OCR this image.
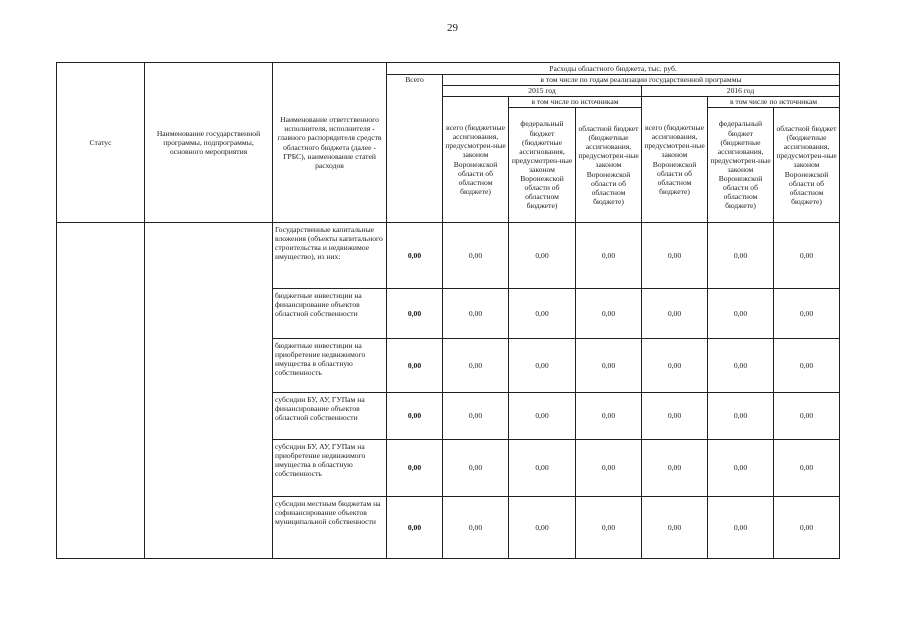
29
Статус	Наименование государственной программы, подпрограммы, основного мероприятия	Наименование ответственного исполнителя, исполнителя - главного распорядителя средств областного бюджета (далее - ГРБС), наименование статей расходов	Расходы областного бюджета, тыс. руб.						
			Всего	в том числе по годам реализации государственной программы					
				2015 год			2016 год		
				всего (бюджетные ассигнования, предусмотрен-ные законом Воронежской области об областном бюджете)	в том числе по источникам		всего (бюджетные ассигнования, предусмотрен-ные законом Воронежской области об областном бюджете)	в том числе по источникам	
					федеральный бюджет (бюджетные ассигнования, предусмотрен-ные законом Воронежской области об областном бюджете)	областной бюджет (бюджетные ассигнования, предусмотрен-ные законом Воронежской области об областном бюджете)		федеральный бюджет (бюджетные ассигнования, предусмотрен-ные законом Воронежской области об областном бюджете)	областной бюджет (бюджетные ассигнования, предусмотрен-ные законом Воронежской области об областном бюджете)
		Государственные капитальные вложения (объекты капитального строительства и недвижимое имущество), из них:	0,00	0,00	0,00	0,00	0,00	0,00	0,00
		бюджетные инвестиции на финансирование объектов областной собственности	0,00	0,00	0,00	0,00	0,00	0,00	0,00
		бюджетные инвестиции на приобретение недвижимого имущества в областную собственность	0,00	0,00	0,00	0,00	0,00	0,00	0,00
		субсидии БУ, АУ, ГУПам на финансирование объектов областной собственности	0,00	0,00	0,00	0,00	0,00	0,00	0,00
		субсидии БУ, АУ, ГУПам на приобретение недвижимого имущества в областную собственность	0,00	0,00	0,00	0,00	0,00	0,00	0,00
		субсидии местным бюджетам на софинансирование объектов муниципальной собственности	0,00	0,00	0,00	0,00	0,00	0,00	0,00
